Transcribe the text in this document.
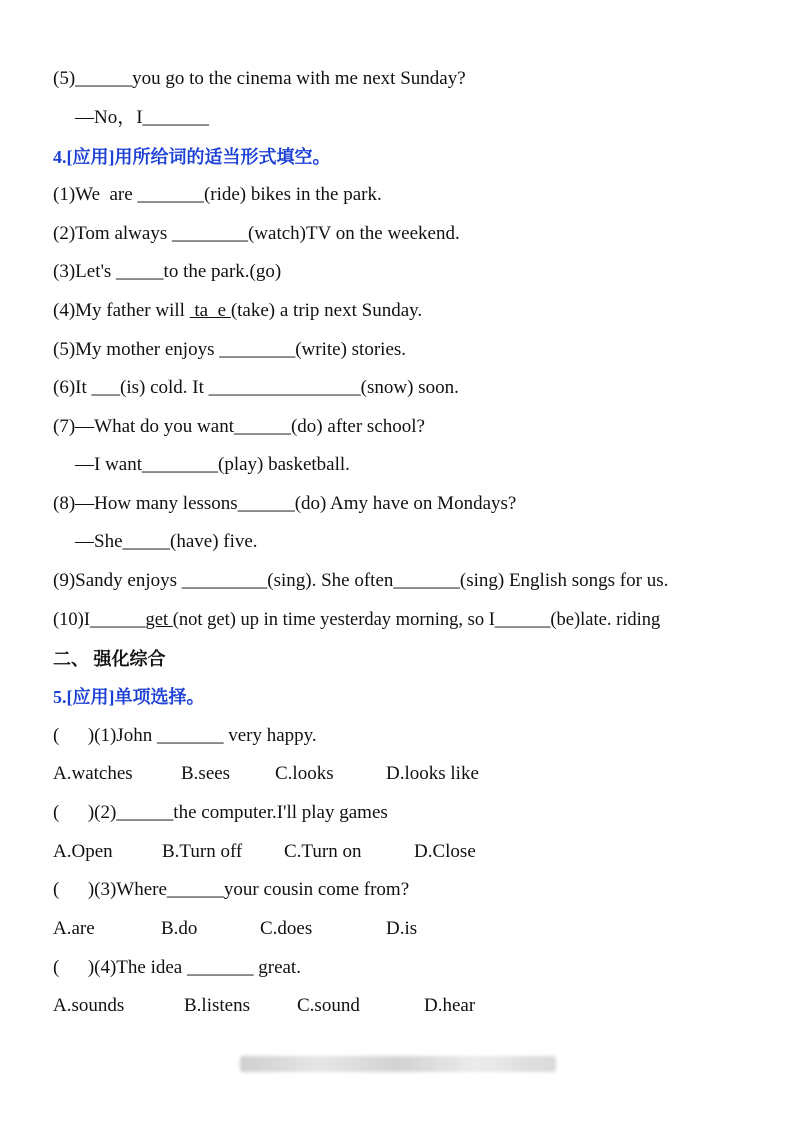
(5)______you go to the cinema with me next Sunday?
—No，I_______
4.[应用]用所给词的适当形式填空。
(1)We  are _______(ride) bikes in the park.
(2)Tom always ________(watch)TV on the weekend.
(3)Let's _____to the park.(go)
(4)My father will  ta  e (take) a trip next Sunday.
(5)My mother enjoys ________(write) stories.
(6)It ___(is) cold. It ________________(snow) soon.
(7)—What do you want______(do) after school?
—I want________(play) basketball.
(8)—How many lessons______(do) Amy have on Mondays?
—She_____(have) five.
(9)Sandy enjoys _________(sing). She often_______(sing) English songs for us.
(10)I______get (not get) up in time yesterday morning, so I______(be)late. riding
二、 强化综合
5.[应用]单项选择。
(      )(1)John _______ very happy.
A.watches	B.sees C.looks	D.looks like
(      )(2)______the computer.I'll play games
A.Open	B.Turn off C.Turn on	D.Close
(      )(3)Where______your cousin come from?
A.are	B.do	C.does	D.is
(      )(4)The idea _______ great.
A.sounds	B.listens C.sound	D.hear
